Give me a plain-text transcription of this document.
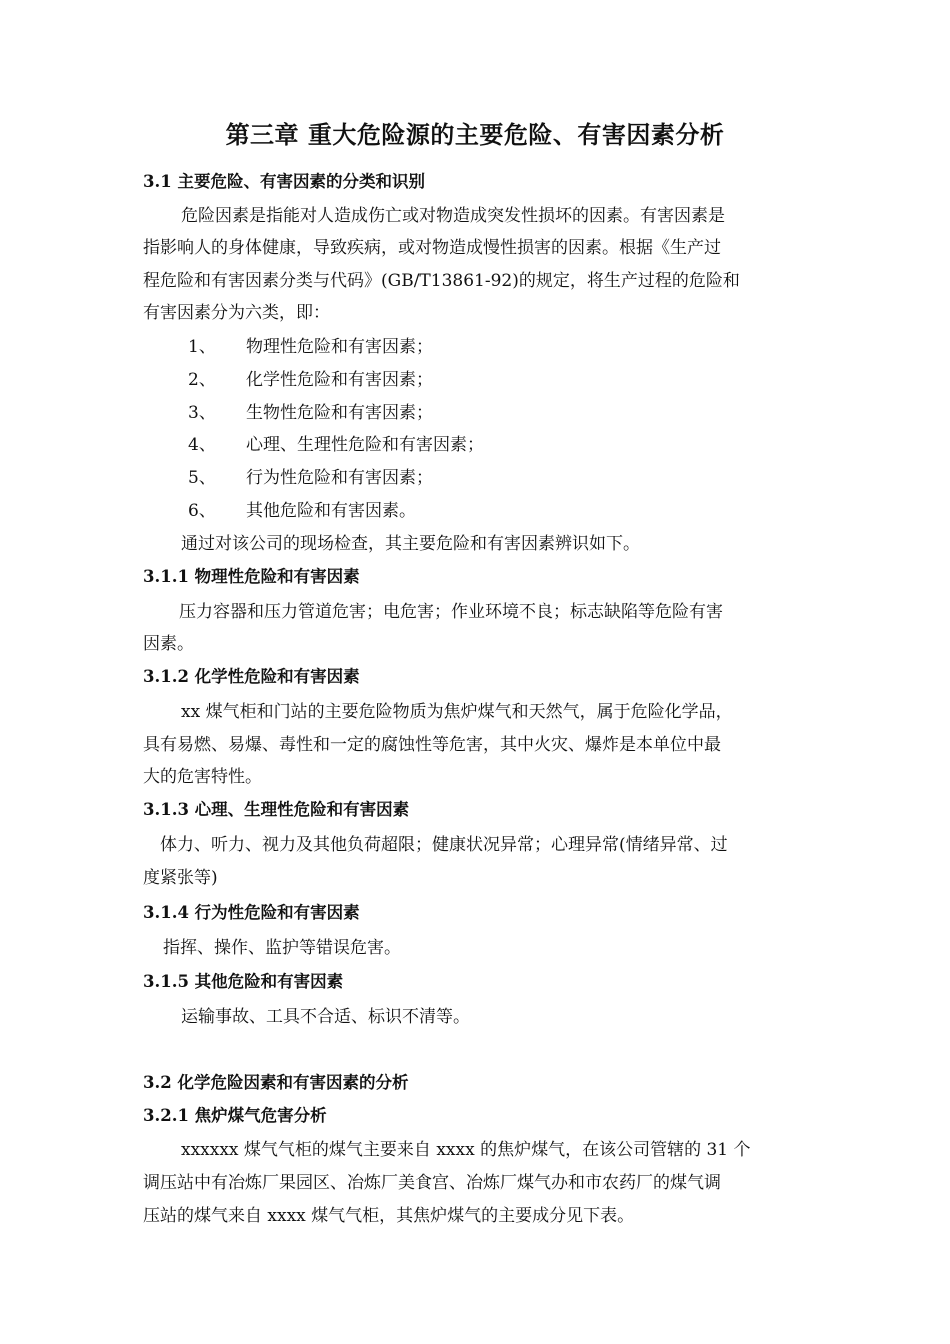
第三章 重大危险源的主要危险、有害因素分析
3.1 主要危险、有害因素的分类和识别
危险因素是指能对人造成伤亡或对物造成突发性损坏的因素。有害因素是
指影响人的身体健康，导致疾病，或对物造成慢性损害的因素。根据《生产过
程危险和有害因素分类与代码》(GB/T13861-92)的规定，将生产过程的危险和
有害因素分为六类，即：
1、 物理性危险和有害因素；
2、 化学性危险和有害因素；
3、 生物性危险和有害因素；
4、 心理、生理性危险和有害因素；
5、 行为性危险和有害因素；
6、 其他危险和有害因素。
通过对该公司的现场检查，其主要危险和有害因素辨识如下。
3.1.1 物理性危险和有害因素
压力容器和压力管道危害；电危害；作业环境不良；标志缺陷等危险有害
因素。
3.1.2 化学性危险和有害因素
xx 煤气柜和门站的主要危险物质为焦炉煤气和天然气，属于危险化学品，
具有易燃、易爆、毒性和一定的腐蚀性等危害，其中火灾、爆炸是本单位中最
大的危害特性。
3.1.3 心理、生理性危险和有害因素
体力、听力、视力及其他负荷超限；健康状况异常；心理异常(情绪异常、过
度紧张等)
3.1.4 行为性危险和有害因素
指挥、操作、监护等错误危害。
3.1.5 其他危险和有害因素
运输事故、工具不合适、标识不清等。
3.2 化学危险因素和有害因素的分析
3.2.1 焦炉煤气危害分析
xxxxxx 煤气气柜的煤气主要来自 xxxx 的焦炉煤气，在该公司管辖的 31 个
调压站中有冶炼厂果园区、冶炼厂美食宫、冶炼厂煤气办和市农药厂的煤气调
压站的煤气来自 xxxx 煤气气柜，其焦炉煤气的主要成分见下表。
